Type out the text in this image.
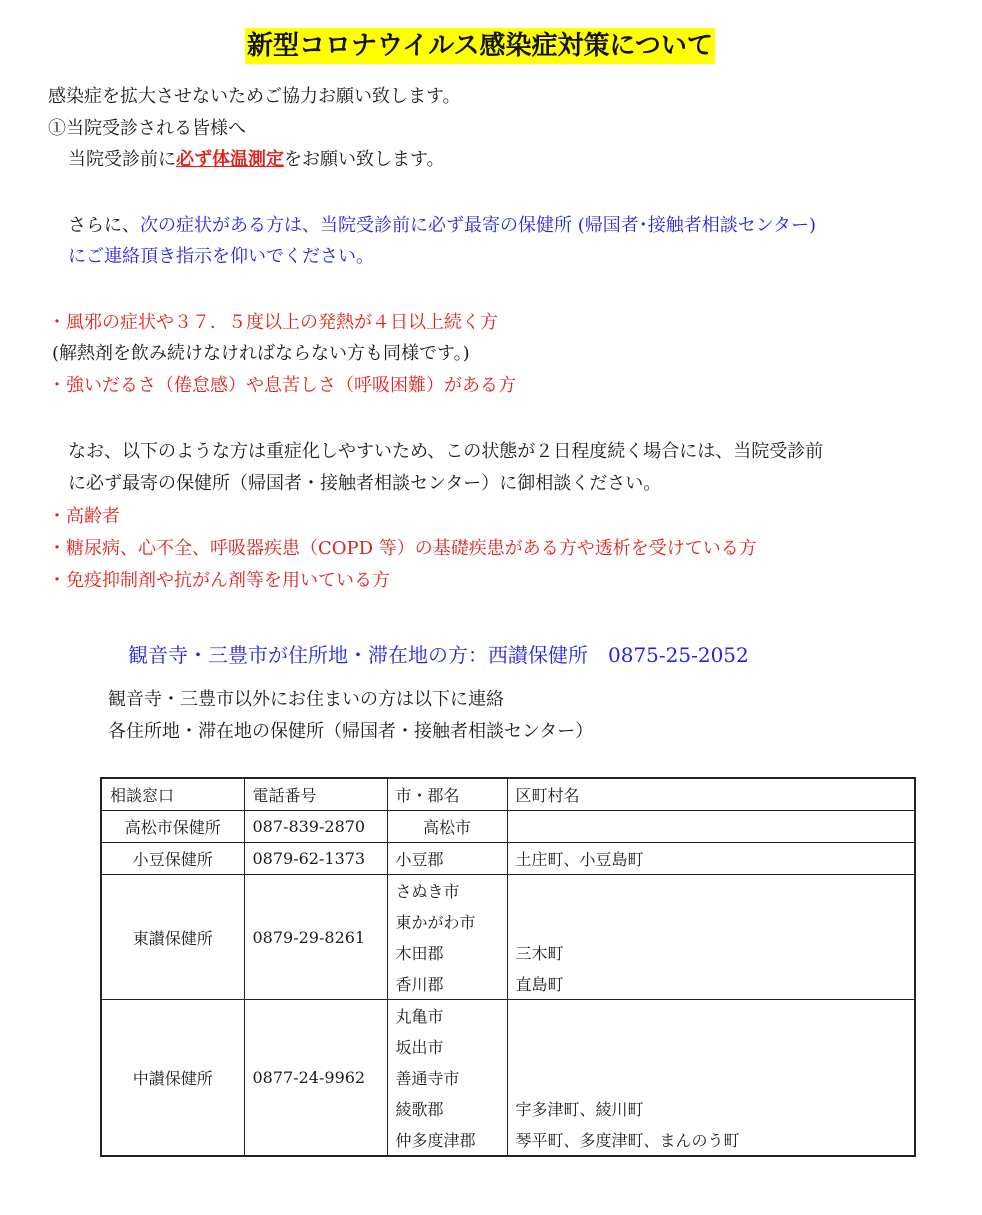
新型コロナウイルス感染症対策について
感染症を拡大させないためご協力お願い致します。
①当院受診される皆様へ
当院受診前に必ず体温測定をお願い致します。
さらに、次の症状がある方は、当院受診前に必ず最寄の保健所 (帰国者･接触者相談センター)
にご連絡頂き指示を仰いでください。
・風邪の症状や３７．５度以上の発熱が４日以上続く方
(解熱剤を飲み続けなければならない方も同様です。)
・強いだるさ（倦怠感）や息苦しさ（呼吸困難）がある方
なお、以下のような方は重症化しやすいため、この状態が２日程度続く場合には、当院受診前
に必ず最寄の保健所（帰国者・接触者相談センター）に御相談ください。
・高齢者
・糖尿病、心不全、呼吸器疾患（COPD 等）の基礎疾患がある方や透析を受けている方
・免疫抑制剤や抗がん剤等を用いている方
観音寺・三豊市が住所地・滞在地の方：西讃保健所　0875-25-2052
観音寺・三豊市以外にお住まいの方は以下に連絡
各住所地・滞在地の保健所（帰国者・接触者相談センター）
相談窓口	電話番号	市・郡名	区町村名
高松市保健所	087-839-2870	高松市	
小豆保健所	0879-62-1373	小豆郡	土庄町、小豆島町
東讃保健所	0879-29-8261	さぬき市	
		東かがわ市	
		木田郡	三木町
		香川郡	直島町
中讃保健所	0877-24-9962	丸亀市	
		坂出市	
		善通寺市	
		綾歌郡	宇多津町、綾川町
		仲多度津郡	琴平町、多度津町、まんのう町
